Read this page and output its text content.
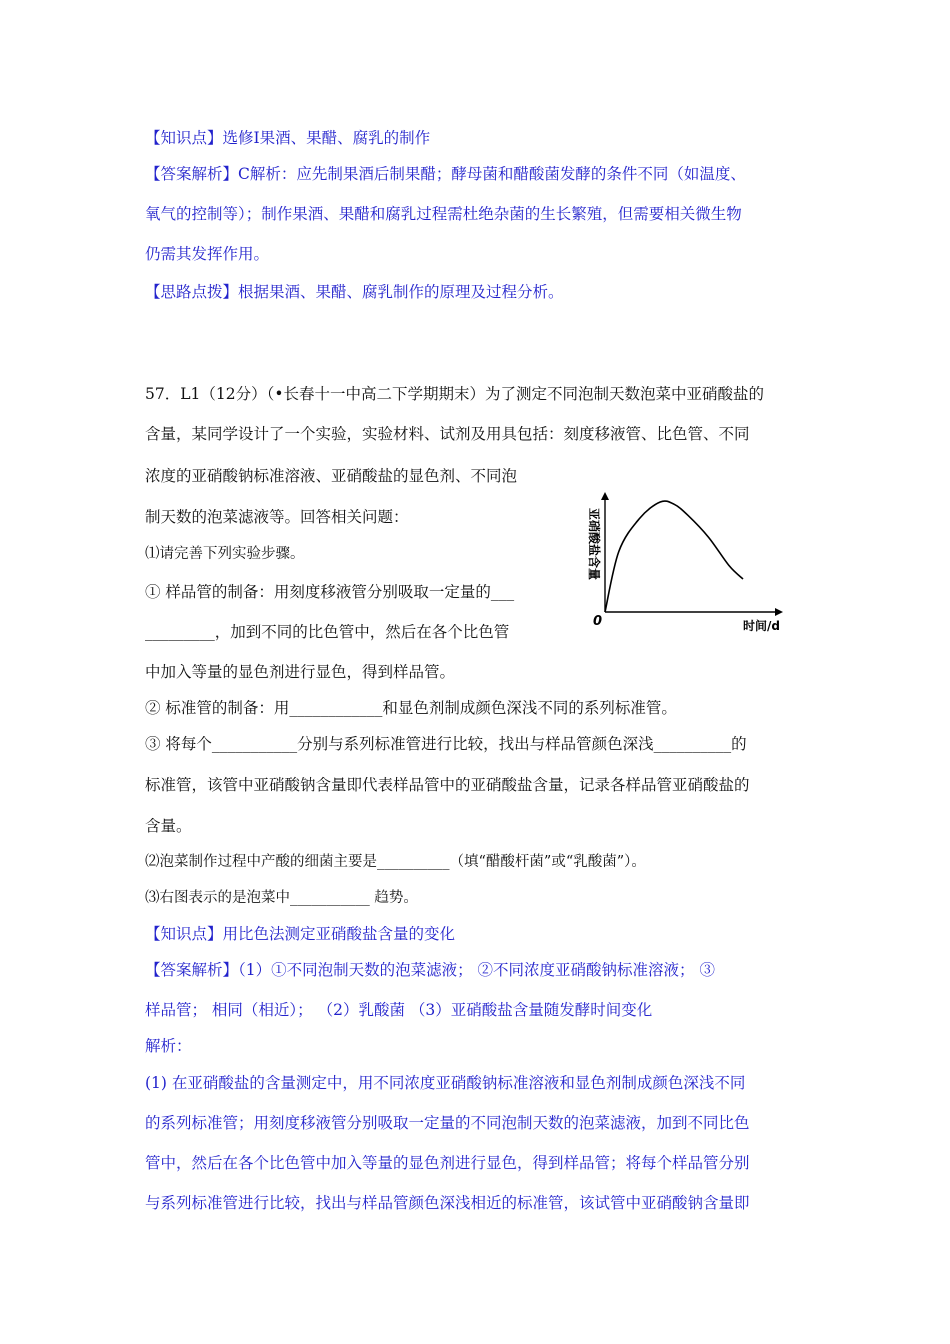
【知识点】选修Ⅰ果酒、果醋、腐乳的制作
【答案解析】C解析：应先制果酒后制果醋；酵母菌和醋酸菌发酵的条件不同（如温度、
氧气的控制等）；制作果酒、果醋和腐乳过程需杜绝杂菌的生长繁殖，但需要相关微生物
仍需其发挥作用。
【思路点拨】根据果酒、果醋、腐乳制作的原理及过程分析。
57．L1（12分）（•长春十一中高二下学期期末）为了测定不同泡制天数泡菜中亚硝酸盐的
含量，某同学设计了一个实验，实验材料、试剂及用具包括：刻度移液管、比色管、不同
浓度的亚硝酸钠标准溶液、亚硝酸盐的显色剂、不同泡
制天数的泡菜滤液等。回答相关问题：
⑴请完善下列实验步骤。
① 样品管的制备：用刻度移液管分别吸取一定量的___
_________，加到不同的比色管中，然后在各个比色管
中加入等量的显色剂进行显色，得到样品管。
② 标准管的制备：用____________和显色剂制成颜色深浅不同的系列标准管。
③ 将每个___________分别与系列标准管进行比较，找出与样品管颜色深浅__________的
标准管，该管中亚硝酸钠含量即代表样品管中的亚硝酸盐含量，记录各样品管亚硝酸盐的
含量。
⑵泡菜制作过程中产酸的细菌主要是__________（填“醋酸杆菌”或“乳酸菌”）。
⑶右图表示的是泡菜中___________ 趋势。
【知识点】用比色法测定亚硝酸盐含量的变化
【答案解析】（1）①不同泡制天数的泡菜滤液； ②不同浓度亚硝酸钠标准溶液； ③
样品管； 相同（相近）； （2）乳酸菌 （3）亚硝酸盐含量随发酵时间变化
解析：
(1) 在亚硝酸盐的含量测定中，用不同浓度亚硝酸钠标准溶液和显色剂制成颜色深浅不同
的系列标准管；用刻度移液管分别吸取一定量的不同泡制天数的泡菜滤液，加到不同比色
管中，然后在各个比色管中加入等量的显色剂进行显色，得到样品管；将每个样品管分别
与系列标准管进行比较，找出与样品管颜色深浅相近的标准管，该试管中亚硝酸钠含量即
亚硝酸盐含量
0	时间/d
